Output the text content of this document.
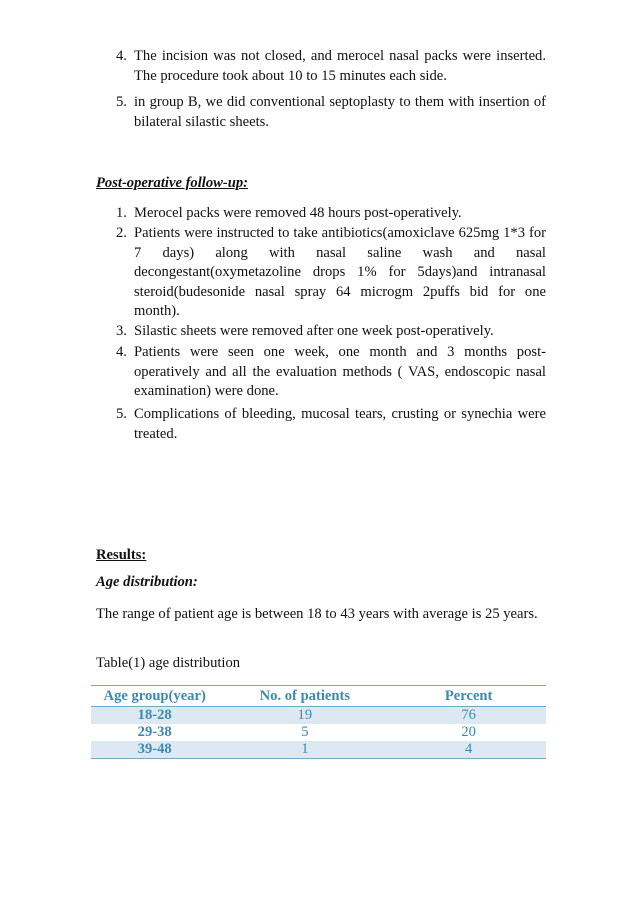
4. The incision was not closed, and merocel nasal packs were inserted. The procedure took about 10 to 15 minutes each side.
5. in group B, we did conventional septoplasty to them with insertion of bilateral silastic sheets.
Post-operative follow-up:
1. Merocel packs were removed 48 hours post-operatively.
2. Patients were instructed to take antibiotics(amoxiclave 625mg 1*3 for 7 days) along with nasal saline wash and nasal decongestant(oxymetazoline drops 1% for 5days)and intranasal steroid(budesonide nasal spray 64 microgm 2puffs bid for one month).
3. Silastic sheets were removed after one week post-operatively.
4. Patients were seen one week, one month and 3 months post-operatively and all the evaluation methods ( VAS, endoscopic nasal examination) were done.
5. Complications of bleeding, mucosal tears, crusting or synechia were treated.
Results:
Age distribution:
The range of patient age is between 18 to 43 years with average is 25 years.
Table(1) age distribution
Age group(year)	No. of patients	Percent
18-28	19	76
29-38	5	20
39-48	1	4
